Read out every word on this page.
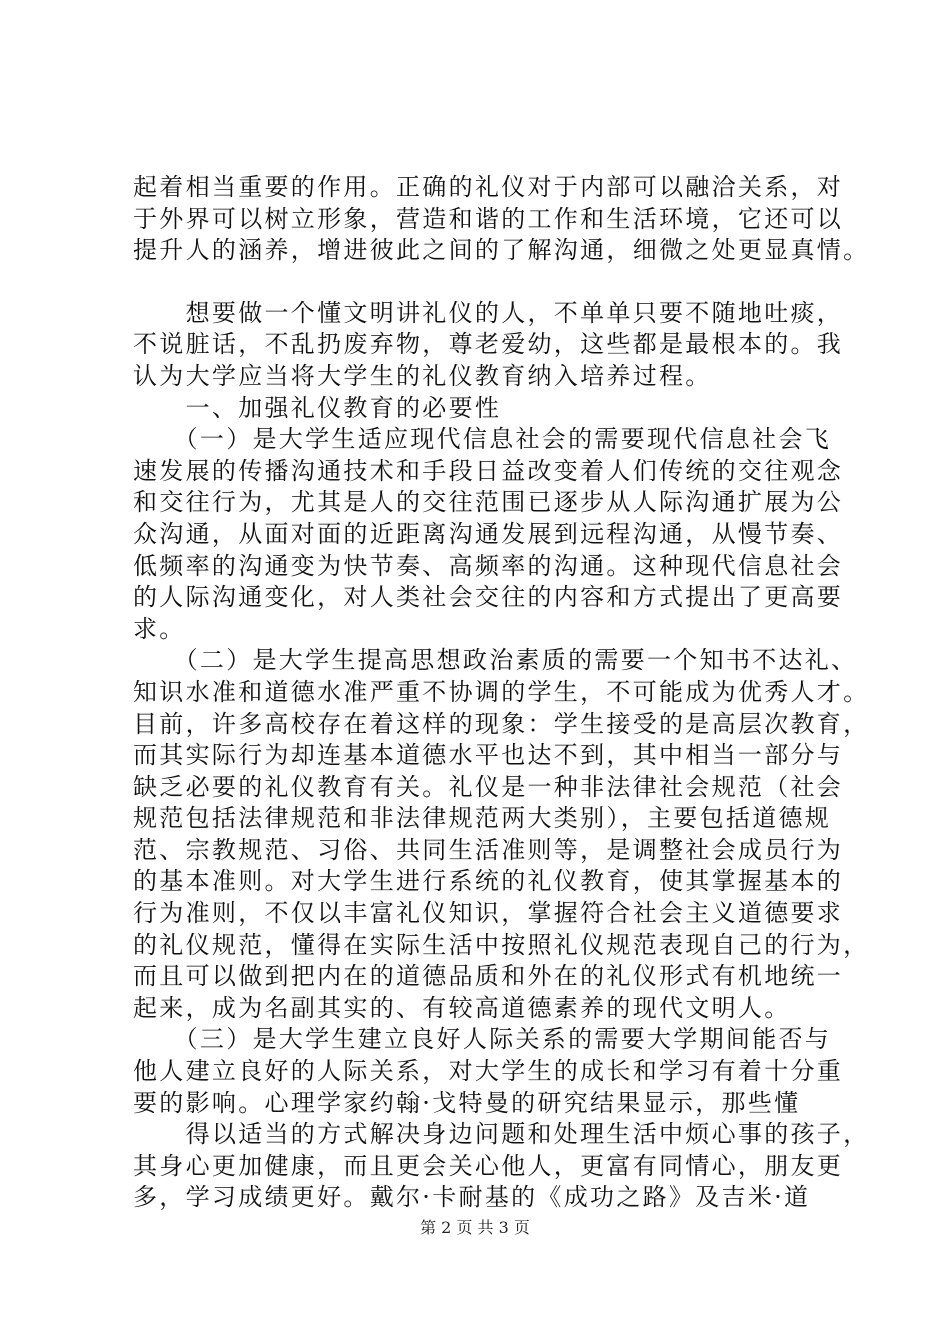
起着相当重要的作用。正确的礼仪对于内部可以融洽关系，对
于外界可以树立形象，营造和谐的工作和生活环境，它还可以
提升人的涵养，增进彼此之间的了解沟通，细微之处更显真情。
　　想要做一个懂文明讲礼仪的人，不单单只要不随地吐痰，
不说脏话，不乱扔废弃物，尊老爱幼，这些都是最根本的。我
认为大学应当将大学生的礼仪教育纳入培养过程。
　　一、加强礼仪教育的必要性
　　（一）是大学生适应现代信息社会的需要现代信息社会飞
速发展的传播沟通技术和手段日益改变着人们传统的交往观念
和交往行为，尤其是人的交往范围已逐步从人际沟通扩展为公
众沟通，从面对面的近距离沟通发展到远程沟通，从慢节奏、
低频率的沟通变为快节奏、高频率的沟通。这种现代信息社会
的人际沟通变化，对人类社会交往的内容和方式提出了更高要
求。
　　（二）是大学生提高思想政治素质的需要一个知书不达礼、
知识水准和道德水准严重不协调的学生，不可能成为优秀人才。
目前，许多高校存在着这样的现象：学生接受的是高层次教育，
而其实际行为却连基本道德水平也达不到，其中相当一部分与
缺乏必要的礼仪教育有关。礼仪是一种非法律社会规范（社会
规范包括法律规范和非法律规范两大类别），主要包括道德规
范、宗教规范、习俗、共同生活准则等，是调整社会成员行为
的基本准则。对大学生进行系统的礼仪教育，使其掌握基本的
行为准则，不仅以丰富礼仪知识，掌握符合社会主义道德要求
的礼仪规范，懂得在实际生活中按照礼仪规范表现自己的行为，
而且可以做到把内在的道德品质和外在的礼仪形式有机地统一
起来，成为名副其实的、有较高道德素养的现代文明人。
　　（三）是大学生建立良好人际关系的需要大学期间能否与
他人建立良好的人际关系，对大学生的成长和学习有着十分重
要的影响。心理学家约翰·戈特曼的研究结果显示，那些懂
　　得以适当的方式解决身边问题和处理生活中烦心事的孩子，
其身心更加健康，而且更会关心他人，更富有同情心，朋友更
多，学习成绩更好。戴尔·卡耐基的《成功之路》及吉米·道
第 2 页 共 3 页
